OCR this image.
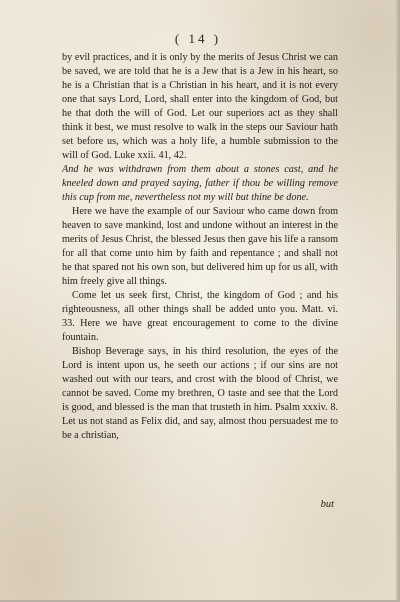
( 14 )

by evil practices, and it is only by the merits of Jesus Christ we can be saved, we are told that he is a Jew that is a Jew in his heart, so he is a Christian that is a Christian in his heart, and it is not every one that says Lord, Lord, shall enter into the kingdom of God, but he that doth the will of God. Let our superiors act as they shall think it best, we must resolve to walk in the steps our Saviour hath set before us, which was a holy life, a humble submission to the will of God. Luke xxii. 41, 42.

And he was withdrawn from them about a stones cast, and he kneeled down and prayed saying, father if thou be willing remove this cup from me, nevertheless not my will but thine be done.

Here we have the example of our Saviour who came down from heaven to save mankind, lost and undone without an interest in the merits of Jesus Christ, the blessed Jesus then gave his life a ransom for all that come unto him by faith and repentance ; and shall not he that spared not his own son, but delivered him up for us all, with him freely give all things.

Come let us seek first, Christ, the kingdom of God ; and his righteousness, all other things shall be added unto you. Matt. vi. 33. Here we have great encouragement to come to the divine fountain.

Bishop Beverage says, in his third resolution, the eyes of the Lord is intent upon us, he seeth our actions ; if our sins are not washed out with our tears, and crost with the blood of Christ, we cannot be saved. Come my brethren, O taste and see that the Lord is good, and blessed is the man that trusteth in him. Psalm xxxiv. 8. Let us not stand as Felix did, and say, almost thou persuadest me to be a christian,

but
